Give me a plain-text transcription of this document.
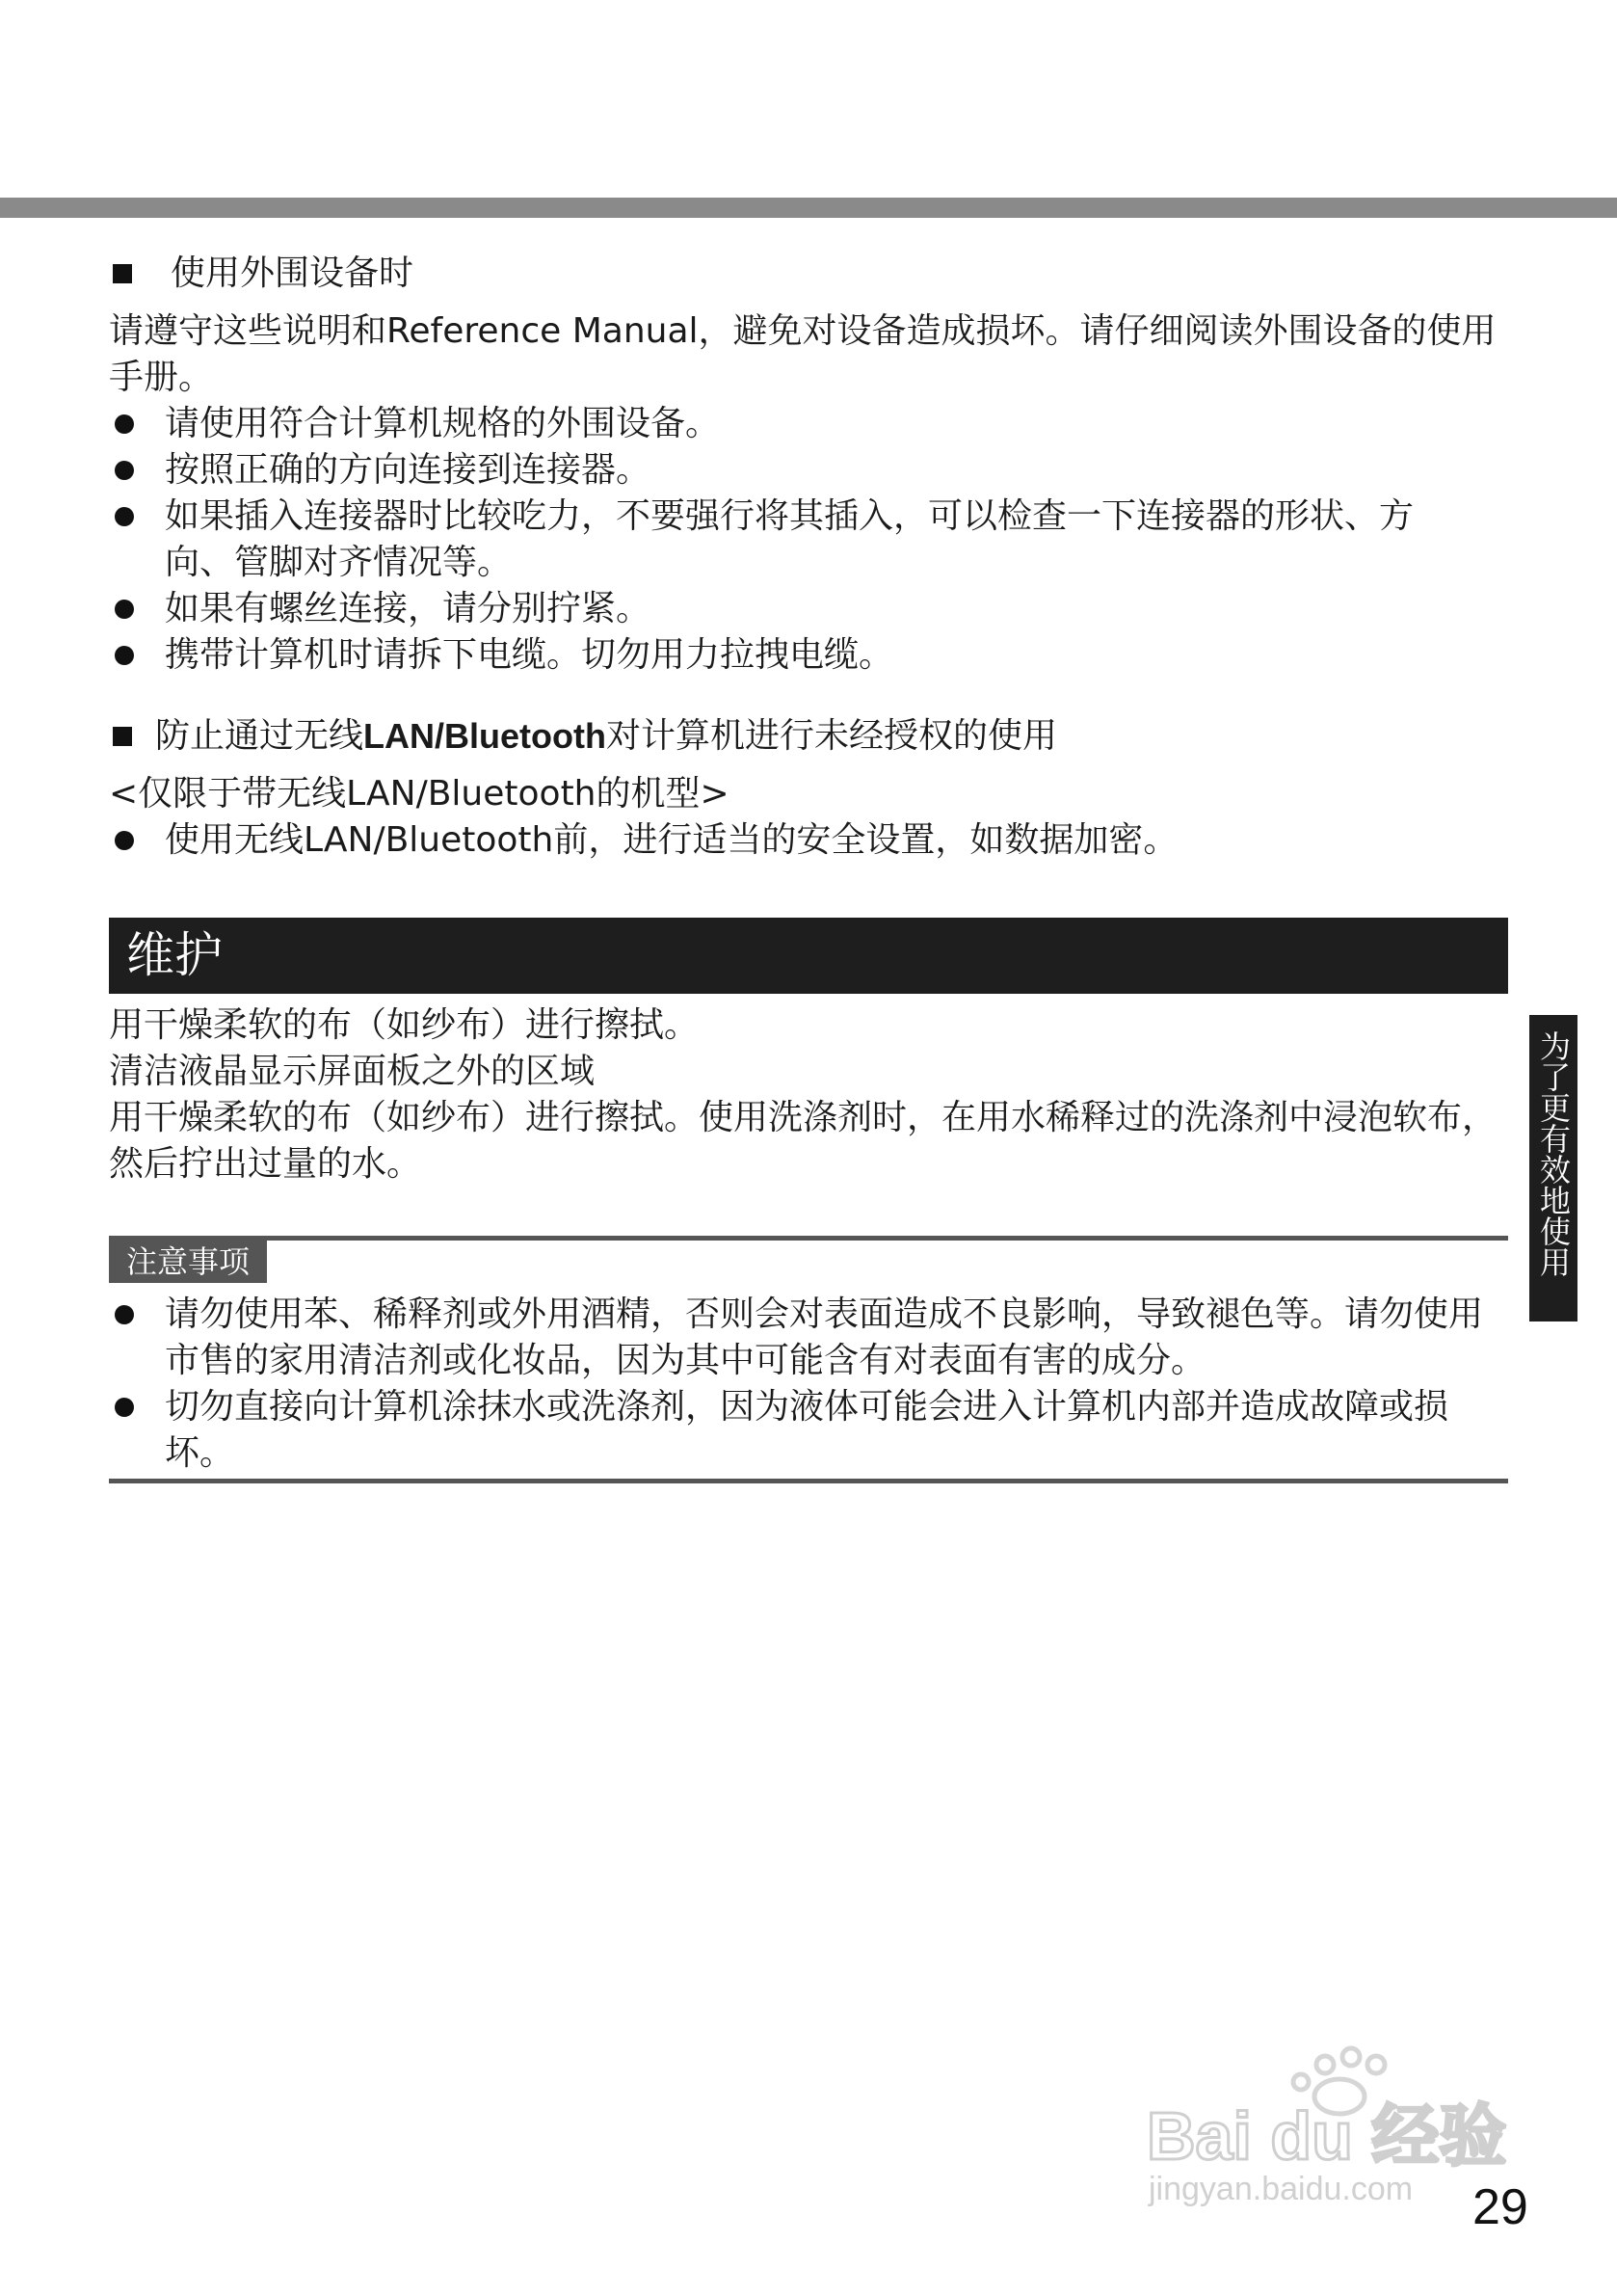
使用外围设备时

请遵守这些说明和Reference Manual，避免对设备造成损坏。请仔细阅读外围设备的使用手册。

请使用符合计算机规格的外围设备。
按照正确的方向连接到连接器。
如果插入连接器时比较吃力，不要强行将其插入，可以检查一下连接器的形状、方向、管脚对齐情况等。
如果有螺丝连接，请分别拧紧。
携带计算机时请拆下电缆。切勿用力拉拽电缆。

防止通过无线 LAN/Bluetooth 对计算机进行未经授权的使用

<仅限于带无线LAN/Bluetooth的机型>

使用无线LAN/Bluetooth前，进行适当的安全设置，如数据加密。
维护

用干燥柔软的布（如纱布）进行擦拭。

清洁液晶显示屏面板之外的区域

用干燥柔软的布（如纱布）进行擦拭。使用洗涤剂时，在用水稀释过的洗涤剂中浸泡软布，然后拧出过量的水。

注意事项
请勿使用苯、稀释剂或外用酒精，否则会对表面造成不良影响，导致褪色等。请勿使用市售的家用清洁剂或化妆品，因为其中可能含有对表面有害的成分。
切勿直接向计算机涂抹水或洗涤剂，因为液体可能会进入计算机内部并造成故障或损坏。
为了更有效地使用
Bai du 经验
jingyan.baidu.com 29
